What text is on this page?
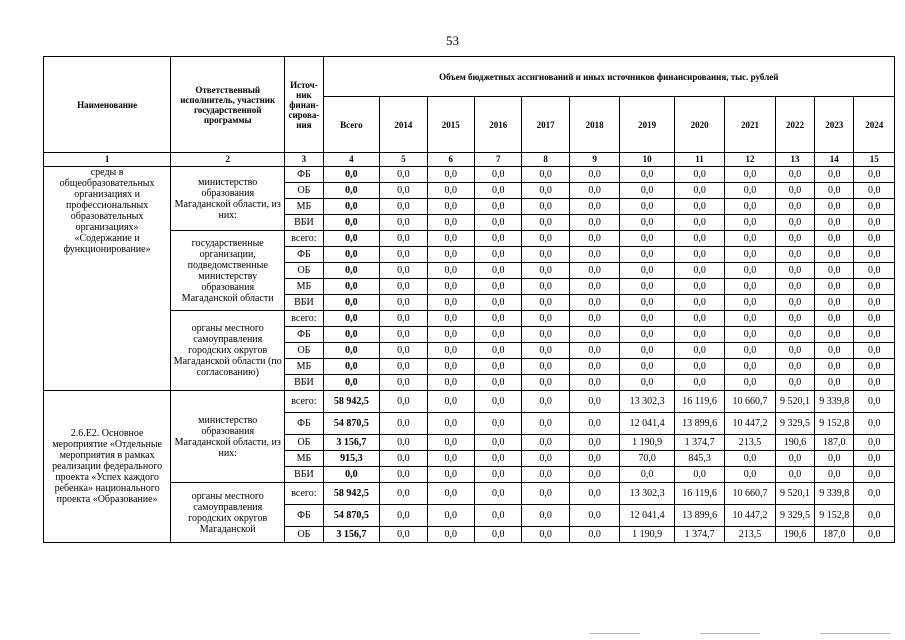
53
Наименование	Ответственный исполнитель, участник государственной программы	Источ-ник финан-сирова-ния	Объем бюджетных ассигнований и иных источников финансирования, тыс. рублей											
			Всего	2014	2015	2016	2017	2018	2019	2020	2021	2022	2023	2024
1	2	3	4	5	6	7	8	9	10	11	12	13	14	15
среды в общеобразовательных организациях и профессиональных образовательных организациях» «Содержание и функционирование»	министерство образования Магаданской области, из них:	ФБ	0,0	0,0	0,0	0,0	0,0	0,0	0,0	0,0	0,0	0,0	0,0	0,0
		ОБ	0,0	0,0	0,0	0,0	0,0	0,0	0,0	0,0	0,0	0,0	0,0	0,0
		МБ	0,0	0,0	0,0	0,0	0,0	0,0	0,0	0,0	0,0	0,0	0,0	0,0
		ВБИ	0,0	0,0	0,0	0,0	0,0	0,0	0,0	0,0	0,0	0,0	0,0	0,0
	государственные организации, подведомственные министерству образования Магаданской области	всего:	0,0	0,0	0,0	0,0	0,0	0,0	0,0	0,0	0,0	0,0	0,0	0,0
		ФБ	0,0	0,0	0,0	0,0	0,0	0,0	0,0	0,0	0,0	0,0	0,0	0,0
		ОБ	0,0	0,0	0,0	0,0	0,0	0,0	0,0	0,0	0,0	0,0	0,0	0,0
		МБ	0,0	0,0	0,0	0,0	0,0	0,0	0,0	0,0	0,0	0,0	0,0	0,0
		ВБИ	0,0	0,0	0,0	0,0	0,0	0,0	0,0	0,0	0,0	0,0	0,0	0,0
	органы местного самоуправления городских округов Магаданской области (по согласованию)	всего:	0,0	0,0	0,0	0,0	0,0	0,0	0,0	0,0	0,0	0,0	0,0	0,0
		ФБ	0,0	0,0	0,0	0,0	0,0	0,0	0,0	0,0	0,0	0,0	0,0	0,0
		ОБ	0,0	0,0	0,0	0,0	0,0	0,0	0,0	0,0	0,0	0,0	0,0	0,0
		МБ	0,0	0,0	0,0	0,0	0,0	0,0	0,0	0,0	0,0	0,0	0,0	0,0
		ВБИ	0,0	0,0	0,0	0,0	0,0	0,0	0,0	0,0	0,0	0,0	0,0	0,0
2.6.Е2. Основное мероприятие «Отдельные мероприятия в рамках реализации федерального проекта «Успех каждого ребенка» национального проекта «Образование»	министерство образования Магаданской области, из них:	всего:	58 942,5	0,0	0,0	0,0	0,0	0,0	13 302,3	16 119,6	10 660,7	9 520,1	9 339,8	0,0
		ФБ	54 870,5	0,0	0,0	0,0	0,0	0,0	12 041,4	13 899,6	10 447,2	9 329,5	9 152,8	0,0
		ОБ	3 156,7	0,0	0,0	0,0	0,0	0,0	1 190,9	1 374,7	213,5	190,6	187,0	0,0
		МБ	915,3	0,0	0,0	0,0	0,0	0,0	70,0	845,3	0,0	0,0	0,0	0,0
		ВБИ	0,0	0,0	0,0	0,0	0,0	0,0	0,0	0,0	0,0	0,0	0,0	0,0
	органы местного самоуправления городских округов Магаданской	всего:	58 942,5	0,0	0,0	0,0	0,0	0,0	13 302,3	16 119,6	10 660,7	9 520,1	9 339,8	0,0
		ФБ	54 870,5	0,0	0,0	0,0	0,0	0,0	12 041,4	13 899,6	10 447,2	9 329,5	9 152,8	0,0
		ОБ	3 156,7	0,0	0,0	0,0	0,0	0,0	1 190,9	1 374,7	213,5	190,6	187,0	0,0
